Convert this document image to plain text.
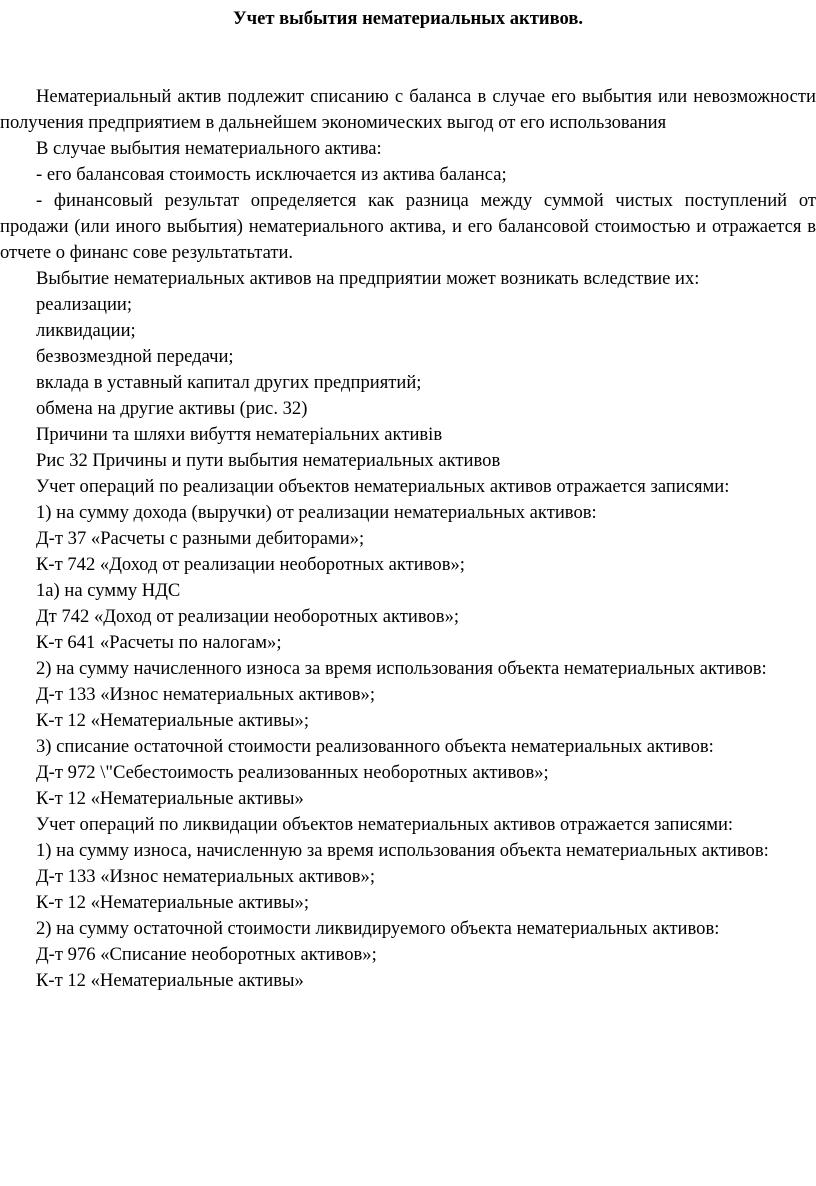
Учет выбытия нематериальных активов.

Нематериальный актив подлежит списанию с баланса в случае его выбытия или невозможности получения предприятием в дальнейшем экономических выгод от его использования

В случае выбытия нематериального актива:

- его балансовая стоимость исключается из актива баланса;

- финансовый результат определяется как разница между суммой чистых поступлений от продажи (или иного выбытия) нематериального актива, и его балансовой стоимостью и отражается в отчете о финанс сове результатьтати.

Выбытие нематериальных активов на предприятии может возникать вследствие их:

реализации;

ликвидации;

безвозмездной передачи;

вклада в уставный капитал других предприятий;

обмена на другие активы (рис. 32)

Причини та шляхи вибуття нематеріальних активів

Рис 32 Причины и пути выбытия нематериальных активов

Учет операций по реализации объектов нематериальных активов отражается записями:

1) на сумму дохода (выручки) от реализации нематериальных активов:

Д-т 37 «Расчеты с разными дебиторами»;

К-т 742 «Доход от реализации необоротных активов»;

1а) на сумму НДС

Дт 742 «Доход от реализации необоротных активов»;

К-т 641 «Расчеты по налогам»;

2) на сумму начисленного износа за время использования объекта нематериальных активов:

Д-т 133 «Износ нематериальных активов»;

К-т 12 «Нематериальные активы»;

3) списание остаточной стоимости реализованного объекта нематериальных активов:

Д-т 972 \"Себестоимость реализованных необоротных активов»;

К-т 12 «Нематериальные активы»

Учет операций по ликвидации объектов нематериальных активов отражается записями:

1) на сумму износа, начисленную за время использования объекта нематериальных активов:

Д-т 133 «Износ нематериальных активов»;

К-т 12 «Нематериальные активы»;

2) на сумму остаточной стоимости ликвидируемого объекта нематериальных активов:

Д-т 976 «Списание необоротных активов»;

К-т 12 «Нематериальные активы»
